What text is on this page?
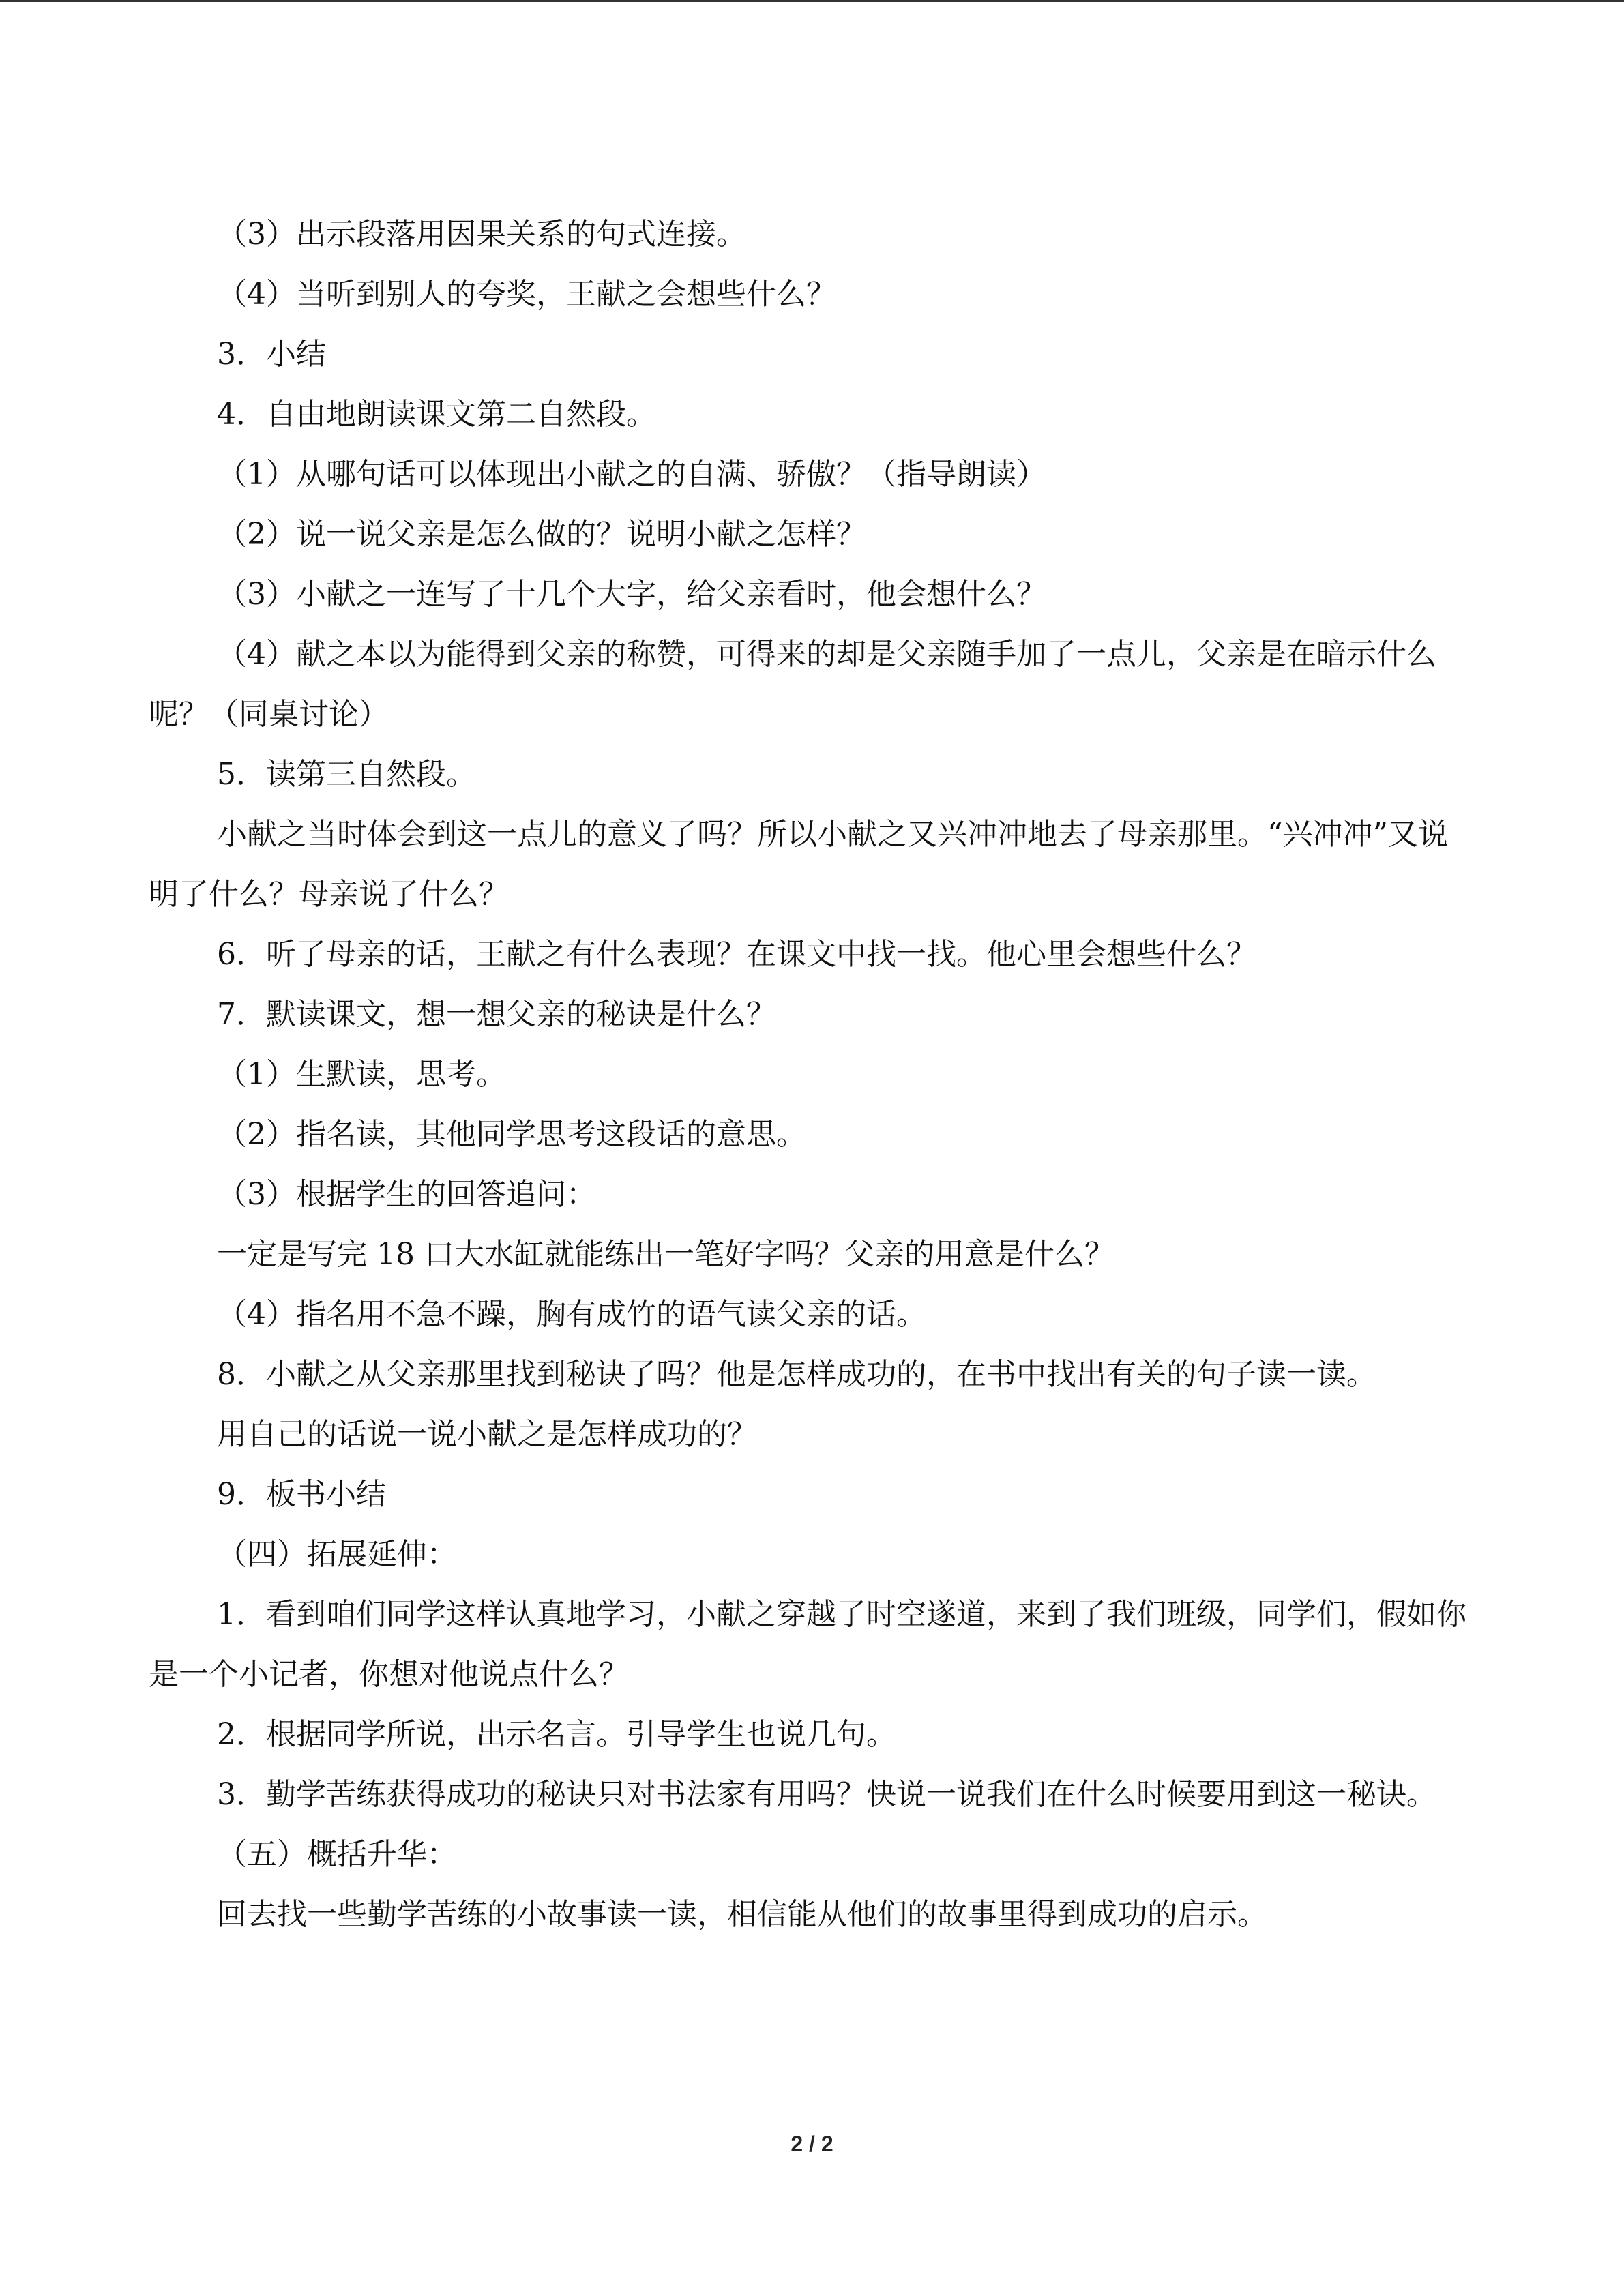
（3）出示段落用因果关系的句式连接。

（4）当听到别人的夸奖，王献之会想些什么？

3．小结

4．自由地朗读课文第二自然段。

（1）从哪句话可以体现出小献之的自满、骄傲？（指导朗读）

（2）说一说父亲是怎么做的？说明小献之怎样？

（3）小献之一连写了十几个大字，给父亲看时，他会想什么？

（4）献之本以为能得到父亲的称赞，可得来的却是父亲随手加了一点儿，父亲是在暗示什么呢？（同桌讨论）

5．读第三自然段。

小献之当时体会到这一点儿的意义了吗？所以小献之又兴冲冲地去了母亲那里。“兴冲冲”又说明了什么？母亲说了什么？

6．听了母亲的话，王献之有什么表现？在课文中找一找。他心里会想些什么？

7．默读课文，想一想父亲的秘诀是什么？

（1）生默读，思考。

（2）指名读，其他同学思考这段话的意思。

（3）根据学生的回答追问：

一定是写完 18 口大水缸就能练出一笔好字吗？父亲的用意是什么？

（4）指名用不急不躁，胸有成竹的语气读父亲的话。

8．小献之从父亲那里找到秘诀了吗？他是怎样成功的，在书中找出有关的句子读一读。

用自己的话说一说小献之是怎样成功的？

9．板书小结

（四）拓展延伸：

1．看到咱们同学这样认真地学习，小献之穿越了时空遂道，来到了我们班级，同学们，假如你是一个小记者，你想对他说点什么？

2．根据同学所说，出示名言。引导学生也说几句。

3．勤学苦练获得成功的秘诀只对书法家有用吗？快说一说我们在什么时候要用到这一秘诀。

（五）概括升华：

回去找一些勤学苦练的小故事读一读，相信能从他们的故事里得到成功的启示。

2 / 2
